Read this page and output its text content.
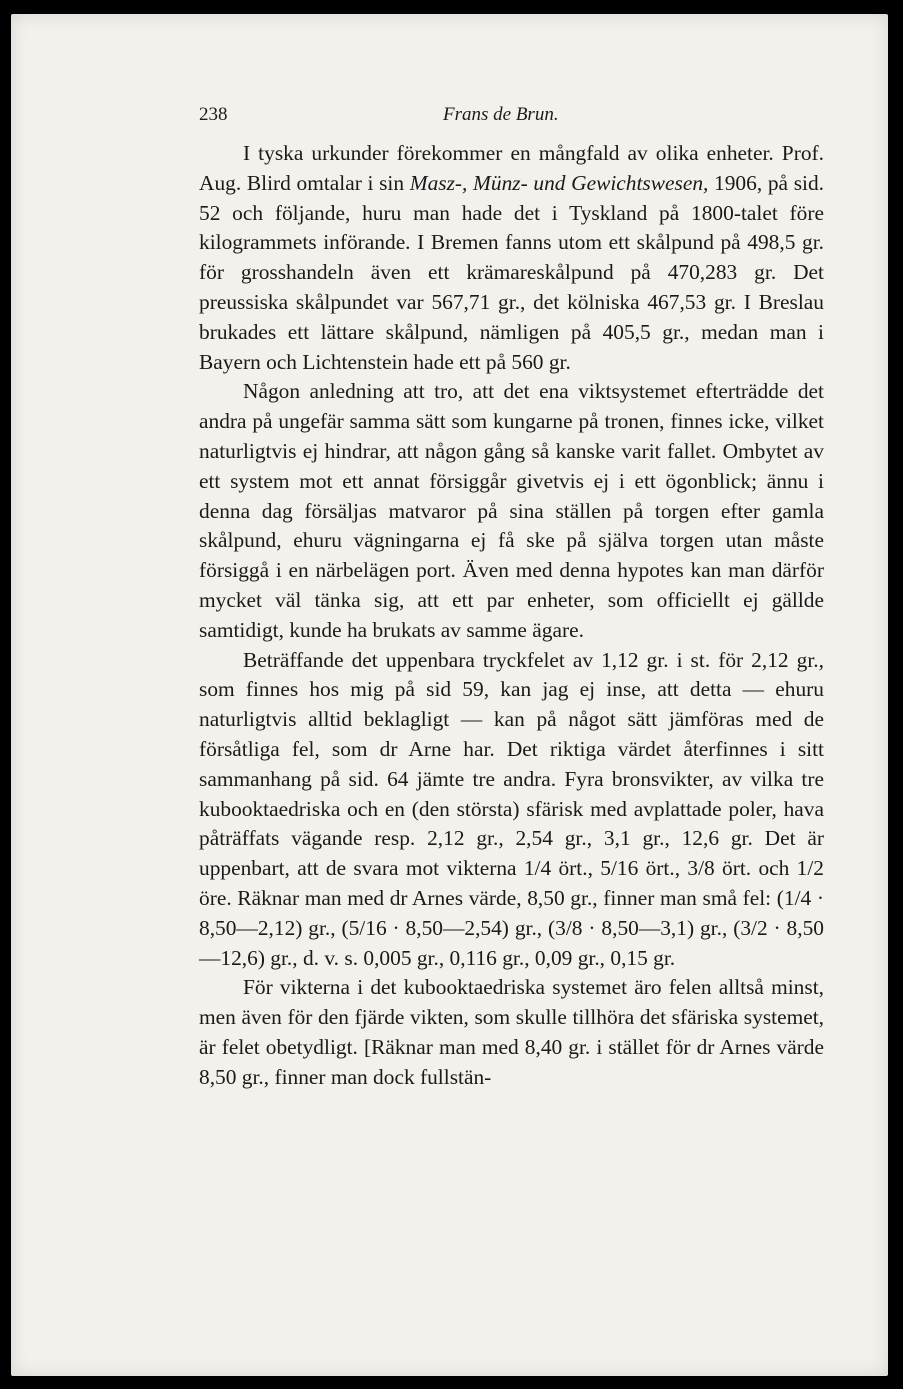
238	Frans de Brun.

I tyska urkunder förekommer en mångfald av olika enheter. Prof. Aug. Blird omtalar i sin Masz-, Münz- und Gewichtswesen, 1906, på sid. 52 och följande, huru man hade det i Tyskland på 1800-talet före kilogrammets införande. I Bremen fanns utom ett skålpund på 498,5 gr. för grosshandeln även ett krämareskålpund på 470,283 gr. Det preussiska skålpundet var 567,71 gr., det kölniska 467,53 gr. I Breslau brukades ett lättare skålpund, nämligen på 405,5 gr., medan man i Bayern och Lichtenstein hade ett på 560 gr.

Någon anledning att tro, att det ena viktsystemet efterträdde det andra på ungefär samma sätt som kungarne på tronen, finnes icke, vilket naturligtvis ej hindrar, att någon gång så kanske varit fallet. Ombytet av ett system mot ett annat försiggår givetvis ej i ett ögonblick; ännu i denna dag försäljas matvaror på sina ställen på torgen efter gamla skålpund, ehuru vägningarna ej få ske på själva torgen utan måste försiggå i en närbelägen port. Även med denna hypotes kan man därför mycket väl tänka sig, att ett par enheter, som officiellt ej gällde samtidigt, kunde ha brukats av samme ägare.

Beträffande det uppenbara tryckfelet av 1,12 gr. i st. för 2,12 gr., som finnes hos mig på sid 59, kan jag ej inse, att detta — ehuru naturligtvis alltid beklagligt — kan på något sätt jämföras med de försåtliga fel, som dr Arne har. Det riktiga värdet återfinnes i sitt sammanhang på sid. 64 jämte tre andra. Fyra bronsvikter, av vilka tre kubooktaedriska och en (den största) sfärisk med avplattade poler, hava påträffats vägande resp. 2,12 gr., 2,54 gr., 3,1 gr., 12,6 gr. Det är uppenbart, att de svara mot vikterna 1/4 ört., 5/16 ört., 3/8 ört. och 1/2 öre. Räknar man med dr Arnes värde, 8,50 gr., finner man små fel: (1/4 · 8,50—2,12) gr., (5/16 · 8,50—2,54) gr., (3/8 · 8,50—3,1) gr., (3/2 · 8,50—12,6) gr., d. v. s. 0,005 gr., 0,116 gr., 0,09 gr., 0,15 gr.

För vikterna i det kubooktaedriska systemet äro felen alltså minst, men även för den fjärde vikten, som skulle tillhöra det sfäriska systemet, är felet obetydligt. [Räknar man med 8,40 gr. i stället för dr Arnes värde 8,50 gr., finner man dock fullstän-
